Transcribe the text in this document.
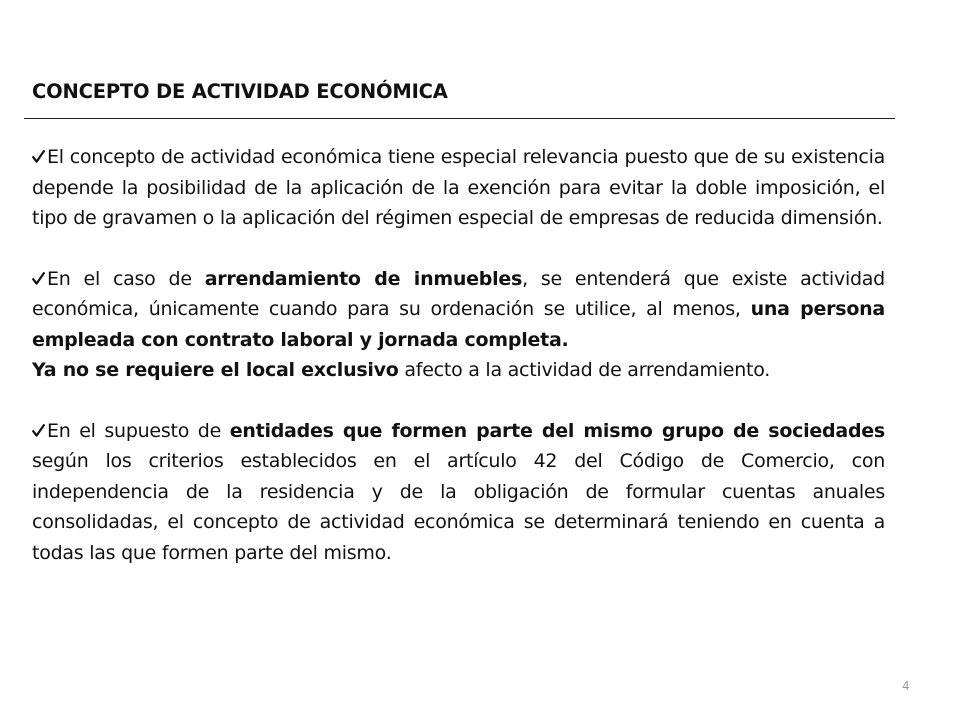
CONCEPTO DE ACTIVIDAD ECONÓMICA

El concepto de actividad económica tiene especial relevancia puesto que de su existencia depende la posibilidad de la aplicación de la exención para evitar la doble imposición, el tipo de gravamen o la aplicación del régimen especial de empresas de reducida dimensión.

En el caso de arrendamiento de inmuebles, se entenderá que existe actividad económica, únicamente cuando para su ordenación se utilice, al menos, una persona empleada con contrato laboral y jornada completa.

Ya no se requiere el local exclusivo afecto a la actividad de arrendamiento.

En el supuesto de entidades que formen parte del mismo grupo de sociedades según los criterios establecidos en el artículo 42 del Código de Comercio, con independencia de la residencia y de la obligación de formular cuentas anuales consolidadas, el concepto de actividad económica se determinará teniendo en cuenta a todas las que formen parte del mismo.

4
